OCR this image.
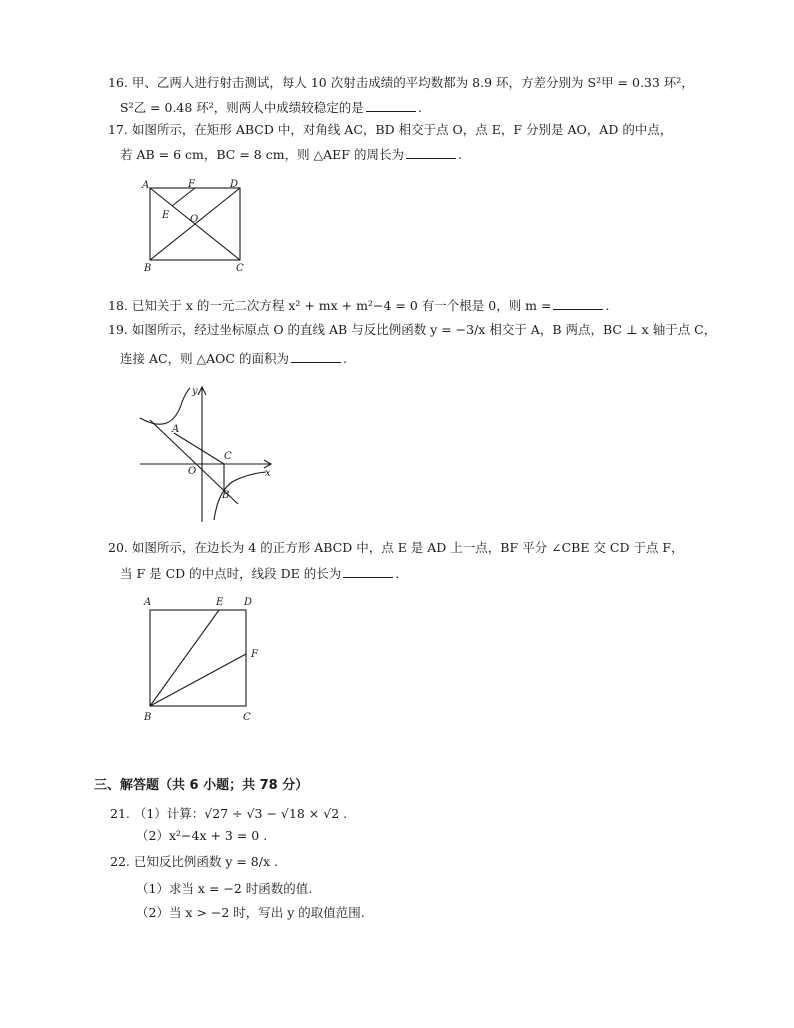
16. 甲、乙两人进行射击测试，每人 10 次射击成绩的平均数都为 8.9 环，方差分别为 S²甲 = 0.33 环²，
S²乙 = 0.48 环²，则两人中成绩较稳定的是	.
17. 如图所示，在矩形 ABCD 中，对角线 AC，BD 相交于点 O，点 E，F 分别是 AO，AD 的中点，
若 AB = 6 cm，BC = 8 cm，则 △AEF 的周长为	.
A	F	D
E O
B	C
18. 已知关于 x 的一元二次方程 x² + mx + m²−4 = 0 有一个根是 0，则 m =	.
19. 如图所示，经过坐标原点 O 的直线 AB 与反比例函数 y = −3/x 相交于 A，B 两点，BC ⊥ x 轴于点 C，
连接 AC，则 △AOC 的面积为	.
y
x
A
C
O
B
20. 如图所示，在边长为 4 的正方形 ABCD 中，点 E 是 AD 上一点，BF 平分 ∠CBE 交 CD 于点 F，
当 F 是 CD 的中点时，线段 DE 的长为	.
A	E D
F
B	C
三、解答题（共 6 小题；共 78 分）
21. （1）计算：√27 ÷ √3 − √18 × √2 .
（2）x²−4x + 3 = 0 .
22. 已知反比例函数 y = 8/x .
（1）求当 x = −2 时函数的值.
（2）当 x > −2 时，写出 y 的取值范围.
